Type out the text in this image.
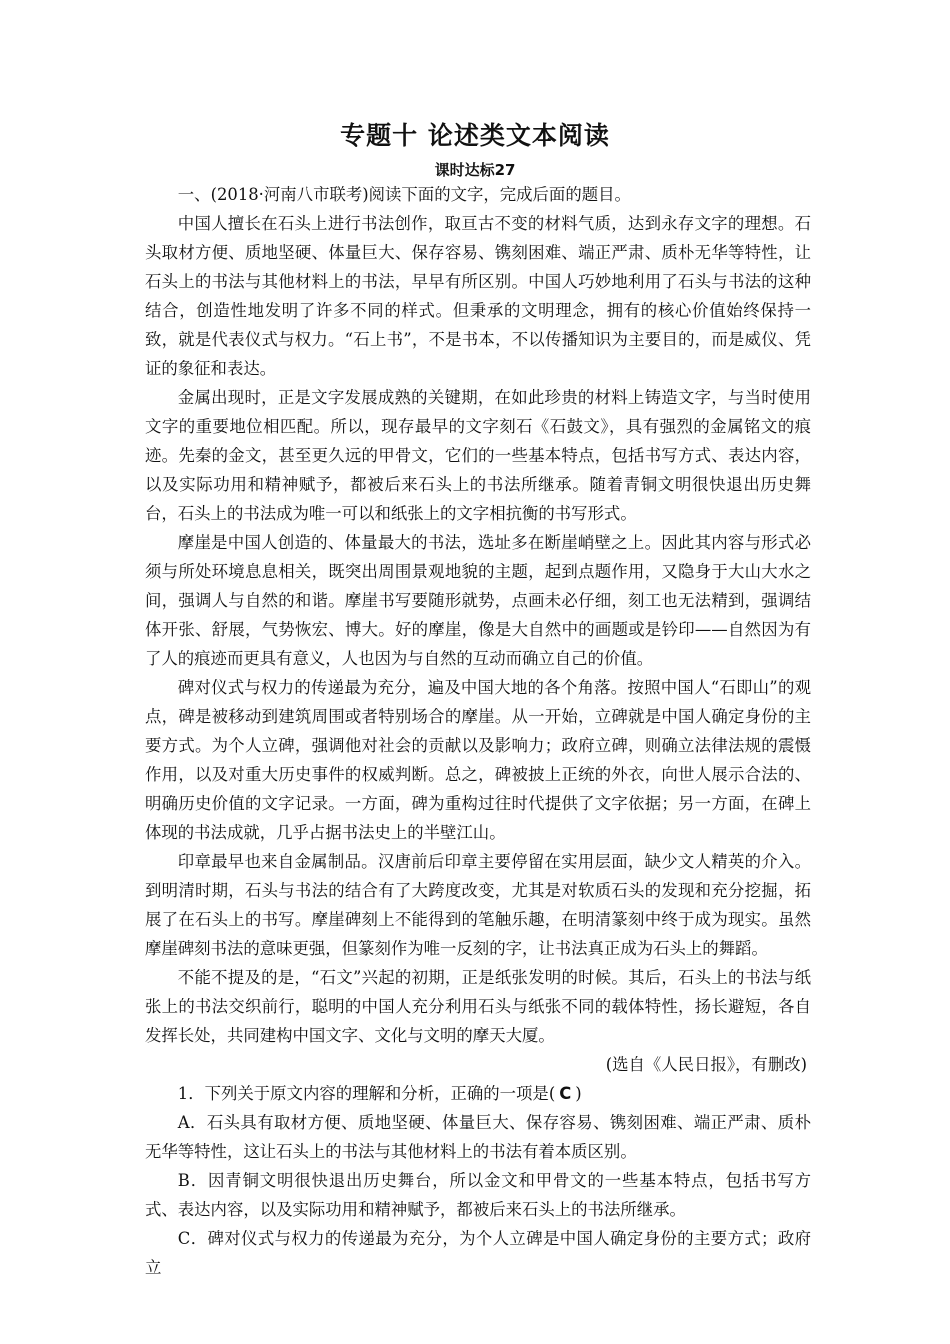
专题十 论述类文本阅读
课时达标27

一、(2018·河南八市联考)阅读下面的文字，完成后面的题目。

中国人擅长在石头上进行书法创作，取亘古不变的材料气质，达到永存文字的理想。石头取材方便、质地坚硬、体量巨大、保存容易、镌刻困难、端正严肃、质朴无华等特性，让石头上的书法与其他材料上的书法，早早有所区别。中国人巧妙地利用了石头与书法的这种结合，创造性地发明了许多不同的样式。但秉承的文明理念，拥有的核心价值始终保持一致，就是代表仪式与权力。“石上书”，不是书本，不以传播知识为主要目的，而是威仪、凭证的象征和表达。

金属出现时，正是文字发展成熟的关键期，在如此珍贵的材料上铸造文字，与当时使用文字的重要地位相匹配。所以，现存最早的文字刻石《石鼓文》，具有强烈的金属铭文的痕迹。先秦的金文，甚至更久远的甲骨文，它们的一些基本特点，包括书写方式、表达内容，以及实际功用和精神赋予，都被后来石头上的书法所继承。随着青铜文明很快退出历史舞台，石头上的书法成为唯一可以和纸张上的文字相抗衡的书写形式。

摩崖是中国人创造的、体量最大的书法，选址多在断崖峭壁之上。因此其内容与形式必须与所处环境息息相关，既突出周围景观地貌的主题，起到点题作用，又隐身于大山大水之间，强调人与自然的和谐。摩崖书写要随形就势，点画未必仔细，刻工也无法精到，强调结体开张、舒展，气势恢宏、博大。好的摩崖，像是大自然中的画题或是钤印——自然因为有了人的痕迹而更具有意义，人也因为与自然的互动而确立自己的价值。

碑对仪式与权力的传递最为充分，遍及中国大地的各个角落。按照中国人“石即山”的观点，碑是被移动到建筑周围或者特别场合的摩崖。从一开始，立碑就是中国人确定身份的主要方式。为个人立碑，强调他对社会的贡献以及影响力；政府立碑，则确立法律法规的震慑作用，以及对重大历史事件的权威判断。总之，碑被披上正统的外衣，向世人展示合法的、明确历史价值的文字记录。一方面，碑为重构过往时代提供了文字依据；另一方面，在碑上体现的书法成就，几乎占据书法史上的半壁江山。

印章最早也来自金属制品。汉唐前后印章主要停留在实用层面，缺少文人精英的介入。到明清时期，石头与书法的结合有了大跨度改变，尤其是对软质石头的发现和充分挖掘，拓展了在石头上的书写。摩崖碑刻上不能得到的笔触乐趣，在明清篆刻中终于成为现实。虽然摩崖碑刻书法的意味更强，但篆刻作为唯一反刻的字，让书法真正成为石头上的舞蹈。

不能不提及的是，“石文”兴起的初期，正是纸张发明的时候。其后，石头上的书法与纸张上的书法交织前行，聪明的中国人充分利用石头与纸张不同的载体特性，扬长避短，各自发挥长处，共同建构中国文字、文化与文明的摩天大厦。

(选自《人民日报》，有删改)

1．下列关于原文内容的理解和分析，正确的一项是( C )

A．石头具有取材方便、质地坚硬、体量巨大、保存容易、镌刻困难、端正严肃、质朴无华等特性，这让石头上的书法与其他材料上的书法有着本质区别。

B．因青铜文明很快退出历史舞台，所以金文和甲骨文的一些基本特点，包括书写方式、表达内容，以及实际功用和精神赋予，都被后来石头上的书法所继承。

C．碑对仪式与权力的传递最为充分，为个人立碑是中国人确定身份的主要方式；政府立
